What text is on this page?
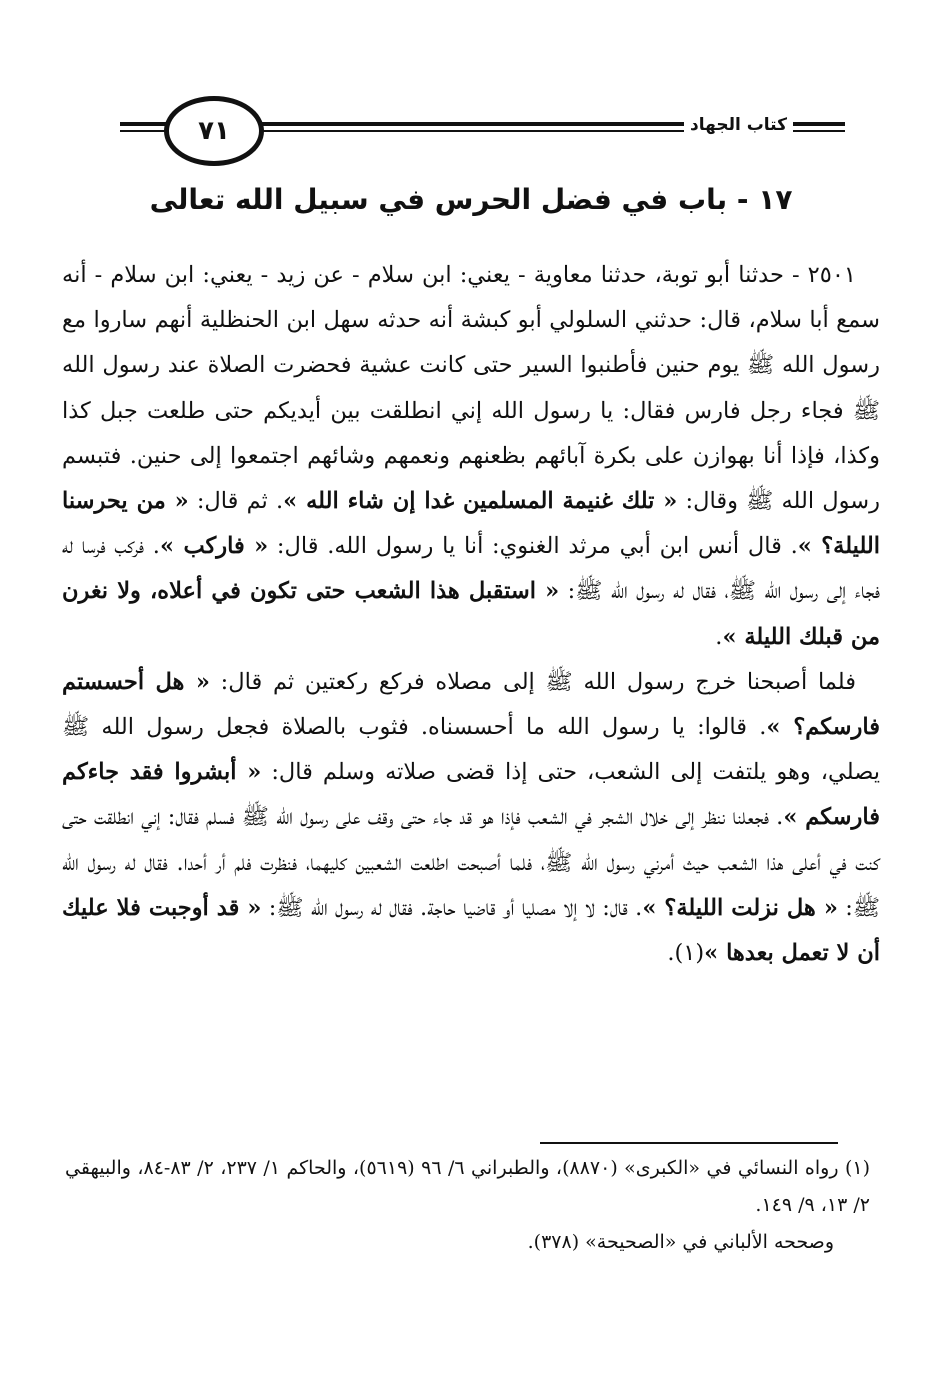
٧١	كتاب الجهاد
١٧ - باب في فضل الحرس في سبيل الله تعالى

٢٥٠١ - حدثنا أبو توبة، حدثنا معاوية - يعني: ابن سلام - عن زيد - يعني: ابن سلام - أنه سمع أبا سلام، قال: حدثني السلولي أبو كبشة أنه حدثه سهل ابن الحنظلية أنهم ساروا مع رسول الله ﷺ يوم حنين فأطنبوا السير حتى كانت عشية فحضرت الصلاة عند رسول الله ﷺ فجاء رجل فارس فقال: يا رسول الله إني انطلقت بين أيديكم حتى طلعت جبل كذا وكذا، فإذا أنا بهوازن على بكرة آبائهم بظعنهم ونعمهم وشائهم اجتمعوا إلى حنين. فتبسم رسول الله ﷺ وقال: « تلك غنيمة المسلمين غدا إن شاء الله ». ثم قال: « من يحرسنا الليلة؟ ». قال أنس ابن أبي مرثد الغنوي: أنا يا رسول الله. قال: « فاركب ». فركب فرسا له فجاء إلى رسول الله ﷺ، فقال له رسول الله ﷺ: « استقبل هذا الشعب حتى تكون في أعلاه، ولا نغرن من قبلك الليلة ».

فلما أصبحنا خرج رسول الله ﷺ إلى مصلاه فركع ركعتين ثم قال: « هل أحسستم فارسكم؟ ». قالوا: يا رسول الله ما أحسسناه. فثوب بالصلاة فجعل رسول الله ﷺ يصلي، وهو يلتفت إلى الشعب، حتى إذا قضى صلاته وسلم قال: « أبشروا فقد جاءكم فارسكم ». فجعلنا ننظر إلى خلال الشجر في الشعب فإذا هو قد جاء حتى وقف على رسول الله ﷺ فسلم فقال: إني انطلقت حتى كنت في أعلى هذا الشعب حيث أمرني رسول الله ﷺ، فلما أصبحت اطلعت الشعبين كليهما، فنظرت فلم أر أحدا. فقال له رسول الله ﷺ: « هل نزلت الليلة؟ ». قال: لا إلا مصليا أو قاضيا حاجة. فقال له رسول الله ﷺ: « قد أوجبت فلا عليك أن لا تعمل بعدها »(١).

(١) رواه النسائي في «الكبرى» (٨٨٧٠)، والطبراني ٦/ ٩٦ (٥٦١٩)، والحاكم ١/ ٢٣٧، ٢/ ٨٣-٨٤، والبيهقي ٢/ ١٣، ٩/ ١٤٩.

وصححه الألباني في «الصحيحة» (٣٧٨).
